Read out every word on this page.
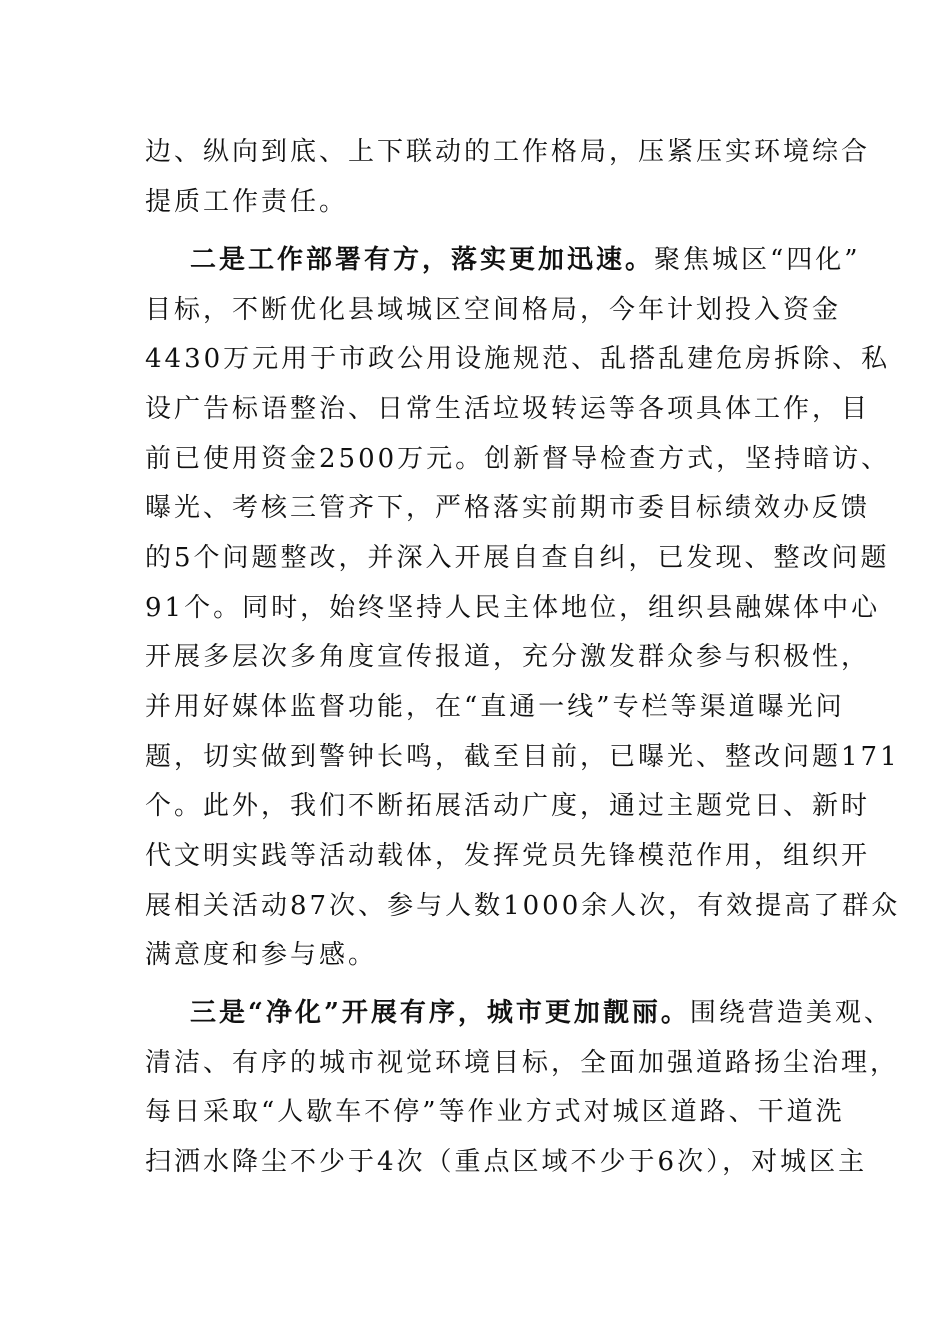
边、纵向到底、上下联动的工作格局，压紧压实环境综合
提质工作责任。
二是工作部署有方，落实更加迅速。聚焦城区“四化”
目标，不断优化县域城区空间格局，今年计划投入资金
4430万元用于市政公用设施规范、乱搭乱建危房拆除、私
设广告标语整治、日常生活垃圾转运等各项具体工作，目
前已使用资金2500万元。创新督导检查方式，坚持暗访、
曝光、考核三管齐下，严格落实前期市委目标绩效办反馈
的5个问题整改，并深入开展自查自纠，已发现、整改问题
91个。同时，始终坚持人民主体地位，组织县融媒体中心
开展多层次多角度宣传报道，充分激发群众参与积极性，
并用好媒体监督功能，在“直通一线”专栏等渠道曝光问
题，切实做到警钟长鸣，截至目前，已曝光、整改问题171
个。此外，我们不断拓展活动广度，通过主题党日、新时
代文明实践等活动载体，发挥党员先锋模范作用，组织开
展相关活动87次、参与人数1000余人次，有效提高了群众
满意度和参与感。
三是“净化”开展有序，城市更加靓丽。围绕营造美观、
清洁、有序的城市视觉环境目标，全面加强道路扬尘治理，
每日采取“人歇车不停”等作业方式对城区道路、干道洗
扫洒水降尘不少于4次（重点区域不少于6次），对城区主
